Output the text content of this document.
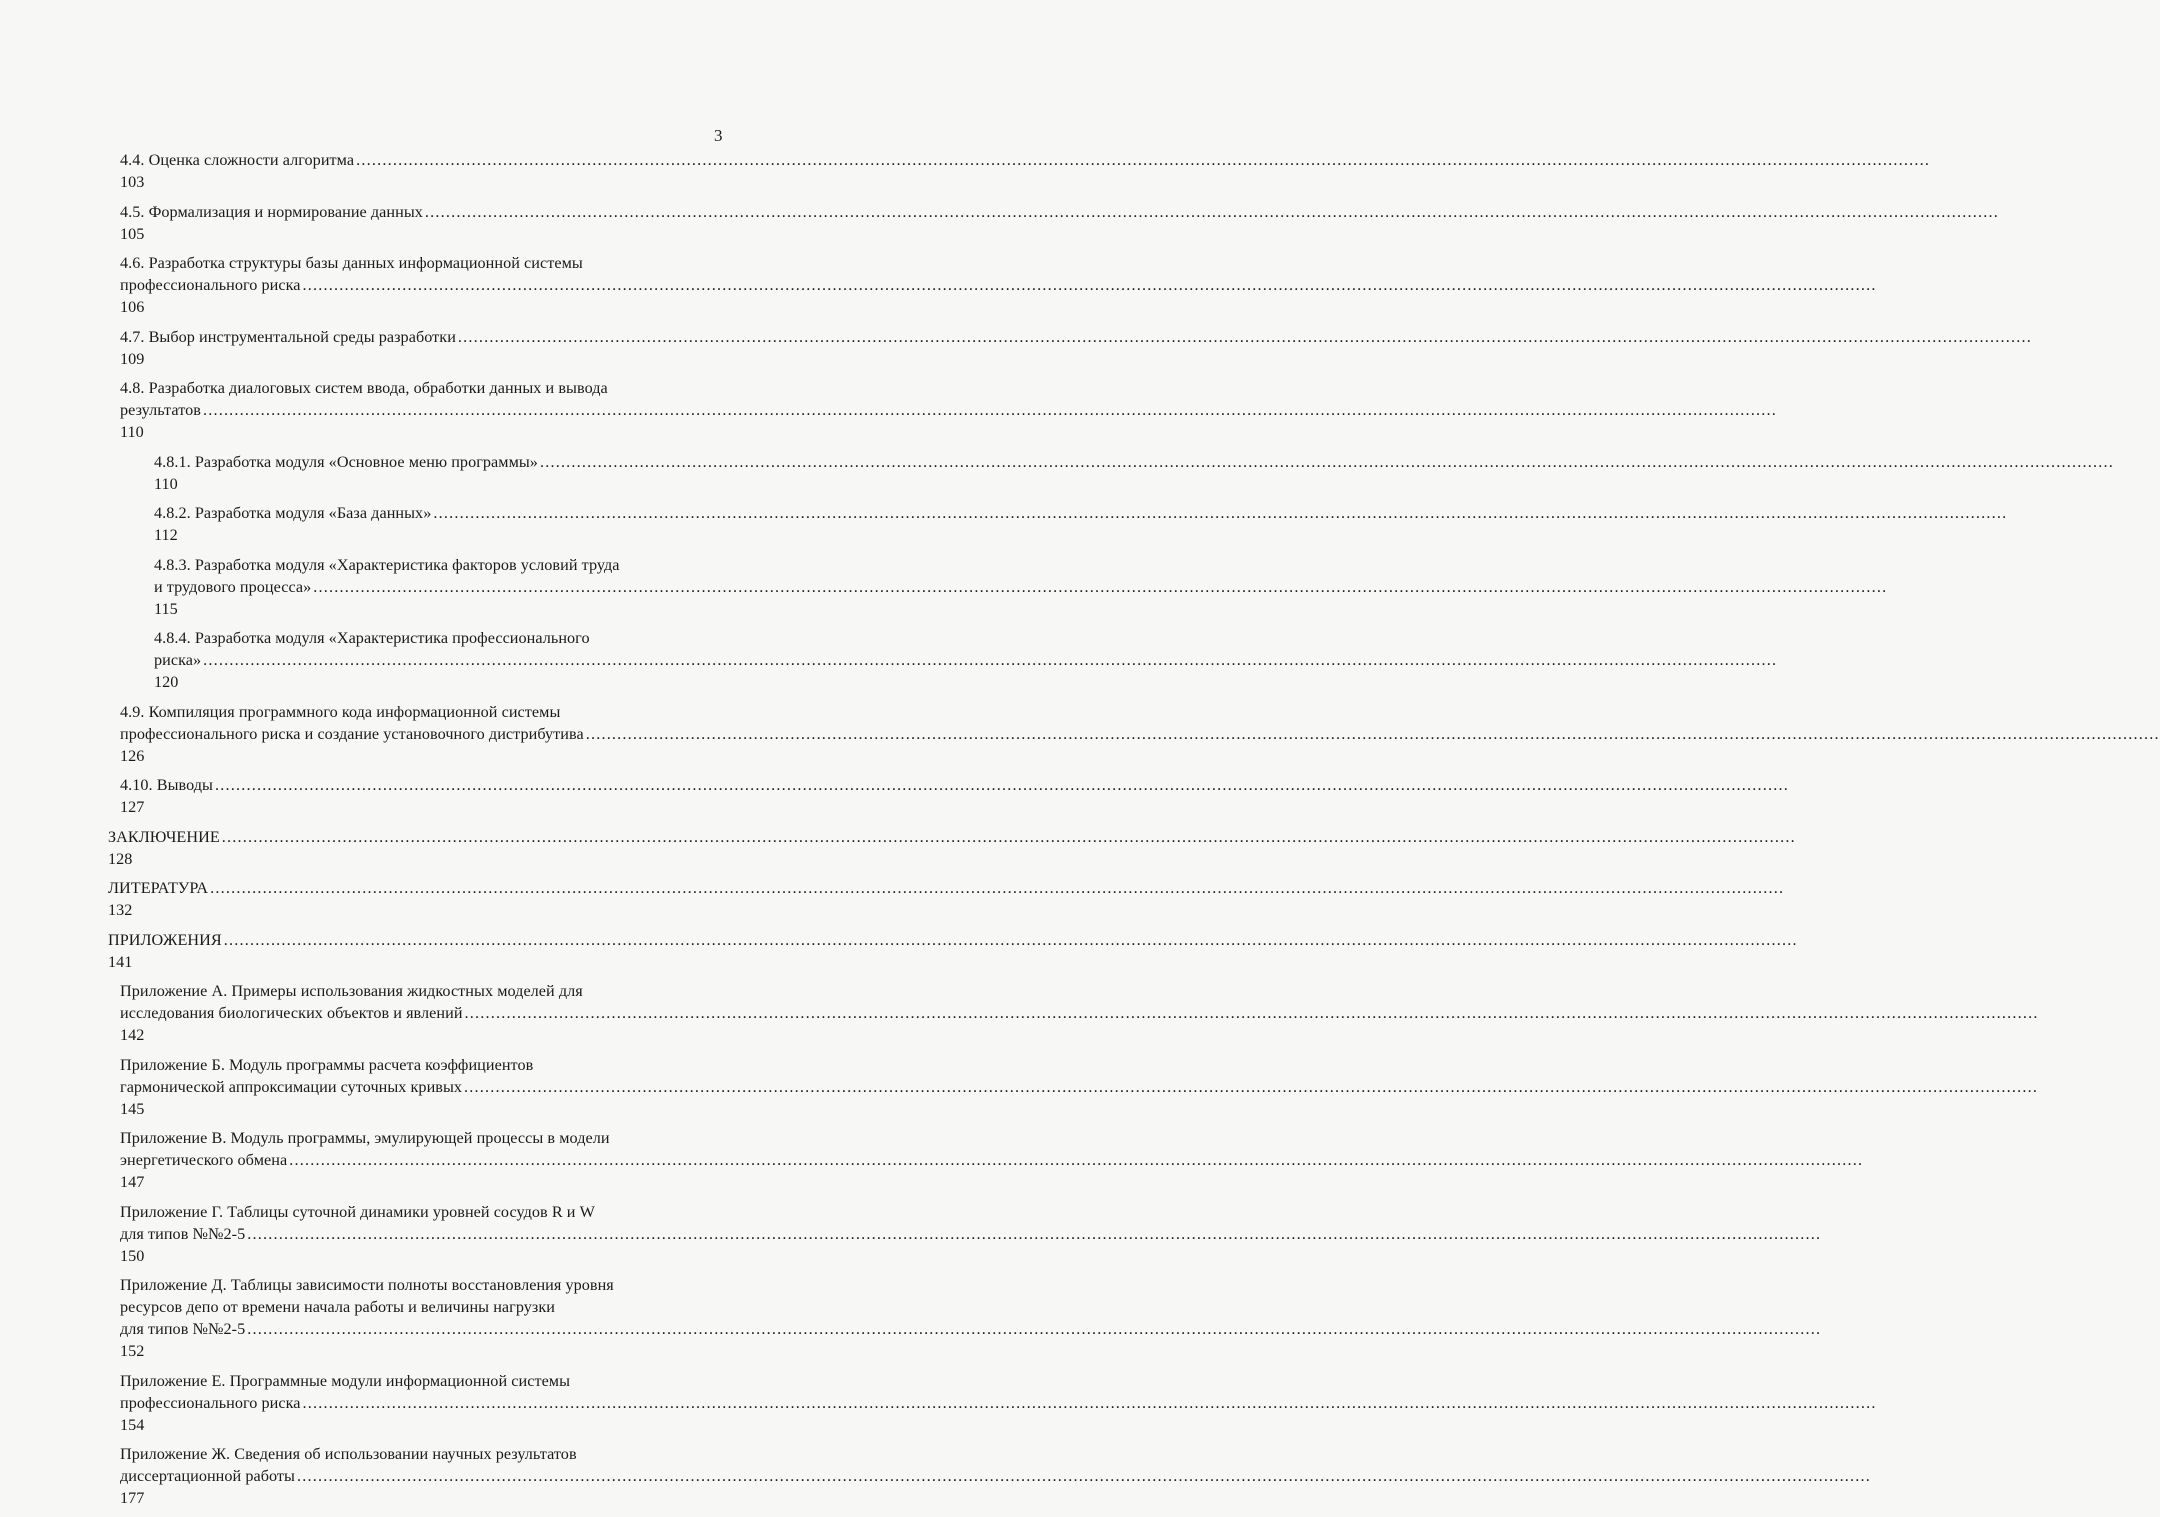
3
4.4. Оценка сложности алгоритма ............................................................................................................................................................................................................................................................................................................
103
4.5. Формализация и нормирование данных ............................................................................................................................................................................................................................................................................................................
105
4.6. Разработка структуры базы данных информационной системы
профессионального риска ............................................................................................................................................................................................................................................................................................................
106
4.7. Выбор инструментальной среды разработки ............................................................................................................................................................................................................................................................................................................
109
4.8. Разработка диалоговых систем ввода, обработки данных и вывода
результатов ............................................................................................................................................................................................................................................................................................................
110
4.8.1. Разработка модуля «Основное меню программы» ............................................................................................................................................................................................................................................................................................................
110
4.8.2. Разработка модуля «База данных» ............................................................................................................................................................................................................................................................................................................
112
4.8.3. Разработка модуля «Характеристика факторов условий труда
и трудового процесса» ............................................................................................................................................................................................................................................................................................................
115
4.8.4. Разработка модуля «Характеристика профессионального
риска» ............................................................................................................................................................................................................................................................................................................
120
4.9. Компиляция программного кода информационной системы
профессионального риска и создание установочного дистрибутива ............................................................................................................................................................................................................................................................................................................
126
4.10. Выводы ............................................................................................................................................................................................................................................................................................................
127
ЗАКЛЮЧЕНИЕ ............................................................................................................................................................................................................................................................................................................
128
ЛИТЕРАТУРА ............................................................................................................................................................................................................................................................................................................
132
ПРИЛОЖЕНИЯ ............................................................................................................................................................................................................................................................................................................
141
Приложение А. Примеры использования жидкостных моделей для
исследования биологических объектов и явлений ............................................................................................................................................................................................................................................................................................................
142
Приложение Б. Модуль программы расчета коэффициентов
гармонической аппроксимации суточных кривых ............................................................................................................................................................................................................................................................................................................
145
Приложение В. Модуль программы, эмулирующей процессы в модели
энергетического обмена ............................................................................................................................................................................................................................................................................................................
147
Приложение Г. Таблицы суточной динамики уровней сосудов R и W
для типов №№2-5 ............................................................................................................................................................................................................................................................................................................
150
Приложение Д. Таблицы зависимости полноты восстановления уровня
ресурсов депо от времени начала работы и величины нагрузки
для типов №№2-5 ............................................................................................................................................................................................................................................................................................................
152
Приложение Е. Программные модули информационной системы
профессионального риска ............................................................................................................................................................................................................................................................................................................
154
Приложение Ж. Сведения об использовании научных результатов
диссертационной работы ............................................................................................................................................................................................................................................................................................................
177
